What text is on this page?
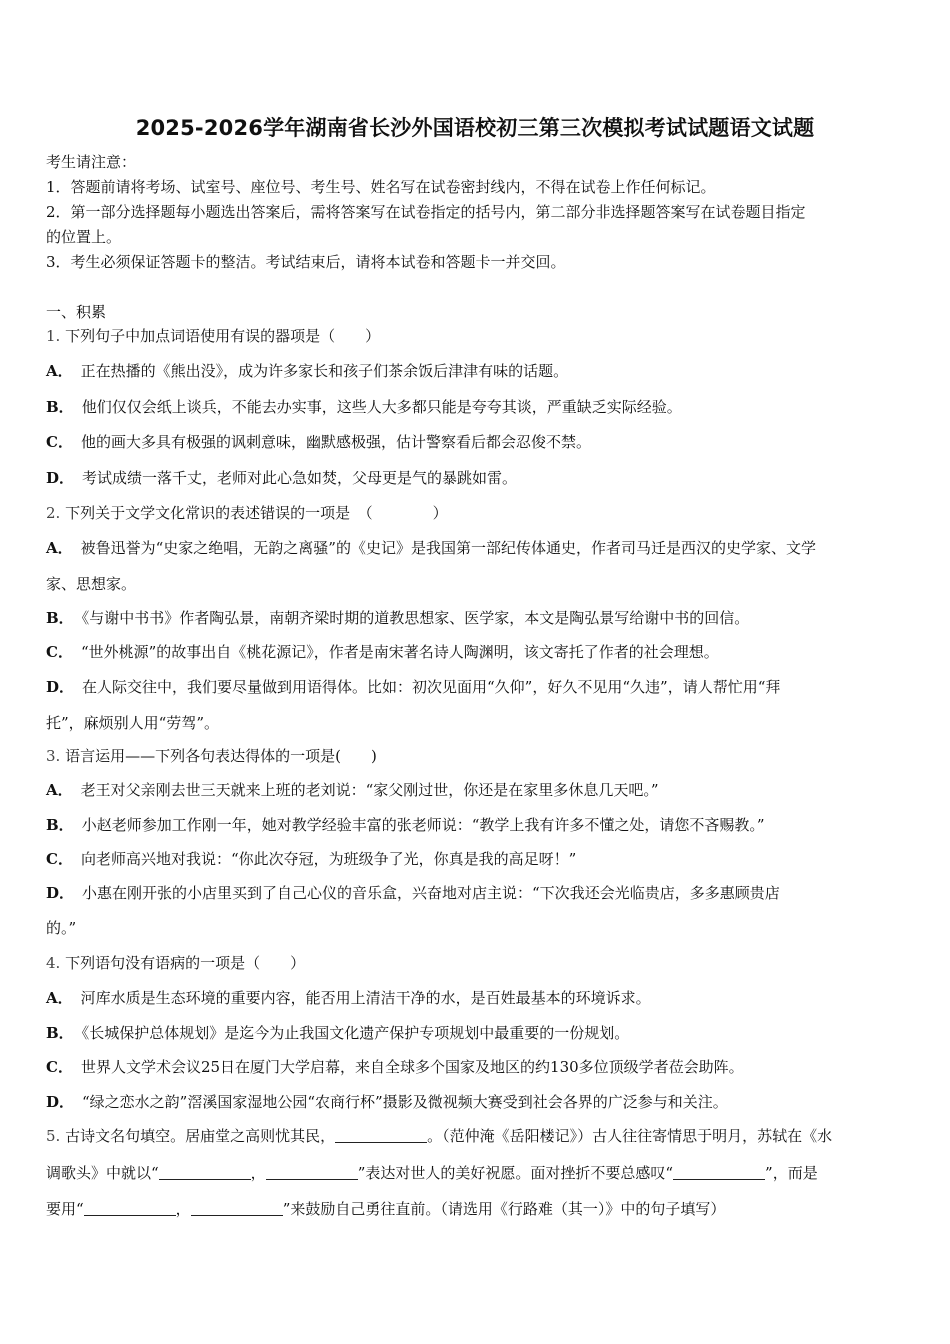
2025-2026学年湖南省长沙外国语校初三第三次模拟考试试题语文试题
考生请注意：
1．答题前请将考场、试室号、座位号、考生号、姓名写在试卷密封线内，不得在试卷上作任何标记。
2．第一部分选择题每小题选出答案后，需将答案写在试卷指定的括号内，第二部分非选择题答案写在试卷题目指定
的位置上。
3．考生必须保证答题卡的整洁。考试结束后，请将本试卷和答题卡一并交回。
一、积累
1. 下列句子中加点词语使用有误的器项是（　　）
A． 正在热播的《熊出没》，成为许多家长和孩子们茶余饭后津津有味的话题。
B． 他们仅仅会纸上谈兵，不能去办实事，这些人大多都只能是夸夸其谈，严重缺乏实际经验。
C． 他的画大多具有极强的讽刺意味，幽默感极强，估计警察看后都会忍俊不禁。
D． 考试成绩一落千丈，老师对此心急如焚，父母更是气的暴跳如雷。
2. 下列关于文学文化常识的表述错误的一项是　（　　　　）
A． 被鲁迅誉为“史家之绝唱，无韵之离骚”的《史记》是我国第一部纪传体通史，作者司马迁是西汉的史学家、文学
家、思想家。
B． 《与谢中书书》作者陶弘景，南朝齐梁时期的道教思想家、医学家，本文是陶弘景写给谢中书的回信。
C． “世外桃源”的故事出自《桃花源记》，作者是南宋著名诗人陶渊明，该文寄托了作者的社会理想。
D． 在人际交往中，我们要尽量做到用语得体。比如：初次见面用“久仰”，好久不见用“久违”，请人帮忙用“拜
托”，麻烦别人用“劳驾”。
3. 语言运用——下列各句表达得体的一项是(　　)
A． 老王对父亲刚去世三天就来上班的老刘说：“家父刚过世，你还是在家里多休息几天吧。”
B． 小赵老师参加工作刚一年，她对教学经验丰富的张老师说：“教学上我有许多不懂之处，请您不吝赐教。”
C． 向老师高兴地对我说：“你此次夺冠，为班级争了光，你真是我的高足呀！”
D． 小惠在刚开张的小店里买到了自己心仪的音乐盒，兴奋地对店主说：“下次我还会光临贵店，多多惠顾贵店
的。”
4. 下列语句没有语病的一项是（　　）
A． 河库水质是生态环境的重要内容，能否用上清洁干净的水，是百姓最基本的环境诉求。
B． 《长城保护总体规划》是迄今为止我国文化遗产保护专项规划中最重要的一份规划。
C． 世界人文学术会议25日在厦门大学启幕，来自全球多个国家及地区的约130多位顶级学者莅会助阵。
D． “绿之恋水之韵”滘溪国家湿地公园“农商行杯”摄影及微视频大赛受到社会各界的广泛参与和关注。
5. 古诗文名句填空。居庙堂之高则忧其民，	。（范仲淹《岳阳楼记》）古人往往寄情思于明月，苏轼在《水
调歌头》中就以“	，	”表达对世人的美好祝愿。面对挫折不要总感叹“	”，而是
要用“	，	”来鼓励自己勇往直前。（请选用《行路难（其一）》中的句子填写）
